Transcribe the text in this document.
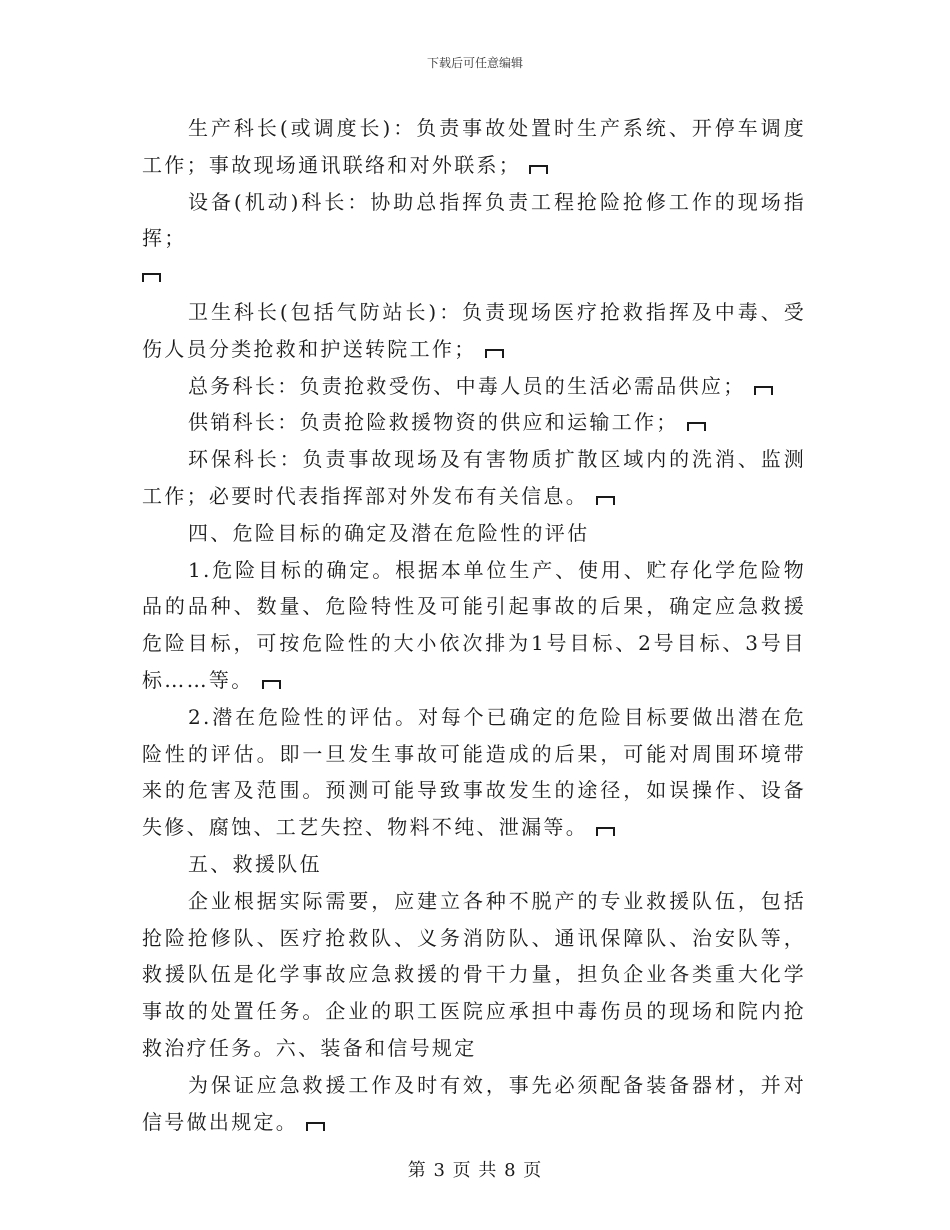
下载后可任意编辑

生产科长(或调度长)：负责事故处置时生产系统、开停车调度工作；事故现场通讯联络和对外联系；

设备(机动)科长：协助总指挥负责工程抢险抢修工作的现场指挥；

卫生科长(包括气防站长)：负责现场医疗抢救指挥及中毒、受伤人员分类抢救和护送转院工作；

总务科长：负责抢救受伤、中毒人员的生活必需品供应；

供销科长：负责抢险救援物资的供应和运输工作；

环保科长：负责事故现场及有害物质扩散区域内的洗消、监测工作；必要时代表指挥部对外发布有关信息。

四、危险目标的确定及潜在危险性的评估

1.危险目标的确定。根据本单位生产、使用、贮存化学危险物品的品种、数量、危险特性及可能引起事故的后果，确定应急救援危险目标，可按危险性的大小依次排为1号目标、2号目标、3号目标……等。

2.潜在危险性的评估。对每个已确定的危险目标要做出潜在危险性的评估。即一旦发生事故可能造成的后果，可能对周围环境带来的危害及范围。预测可能导致事故发生的途径，如误操作、设备失修、腐蚀、工艺失控、物料不纯、泄漏等。

五、救援队伍

企业根据实际需要，应建立各种不脱产的专业救援队伍，包括抢险抢修队、医疗抢救队、义务消防队、通讯保障队、治安队等，救援队伍是化学事故应急救援的骨干力量，担负企业各类重大化学事故的处置任务。企业的职工医院应承担中毒伤员的现场和院内抢救治疗任务。六、装备和信号规定

为保证应急救援工作及时有效，事先必须配备装备器材，并对信号做出规定。

第 3 页 共 8 页
